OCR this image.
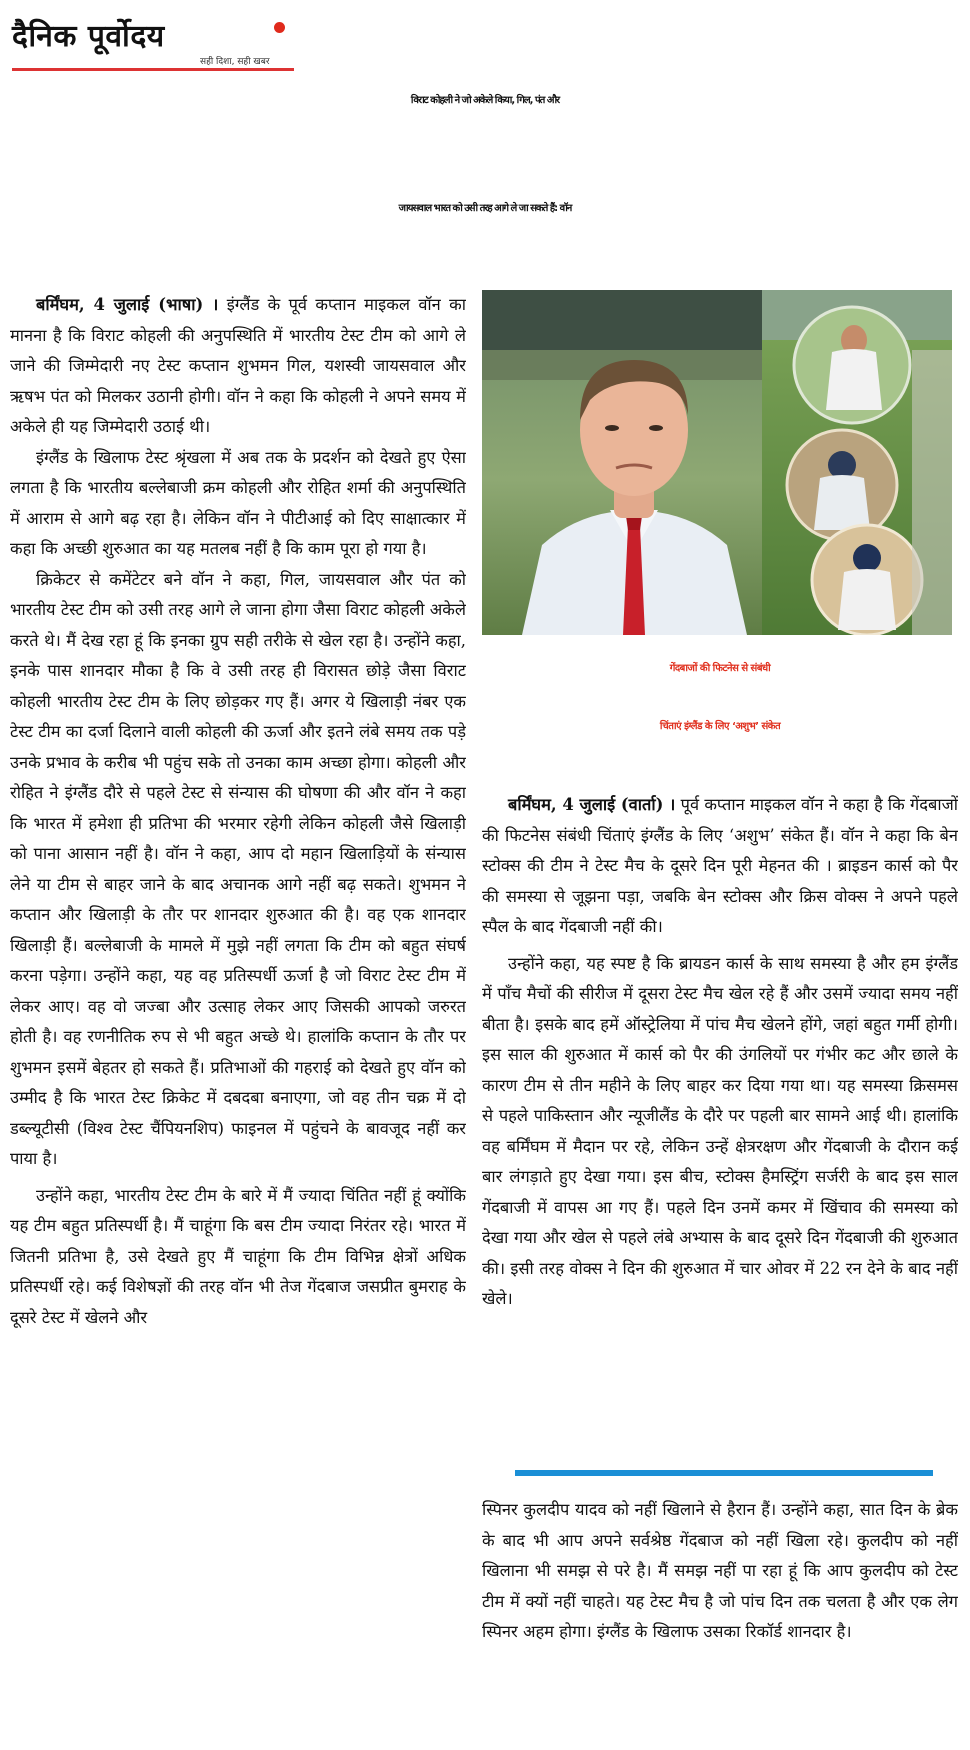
दैनिक पूर्वोदय
सही दिशा, सही खबर
विराट कोहली ने जो अकेले किया, गिल, पंत और
जायसवाल भारत को उसी तरह आगे ले जा सकते हैं: वॉन

बर्मिंघम, 4 जुलाई (भाषा) । इंग्लैंड के पूर्व कप्तान माइकल वॉन का मानना है कि विराट कोहली की अनुपस्थिति में भारतीय टेस्ट टीम को आगे ले जाने की जिम्मेदारी नए टेस्ट कप्तान शुभमन गिल, यशस्वी जायसवाल और ऋषभ पंत को मिलकर उठानी होगी। वॉन ने कहा कि कोहली ने अपने समय में अकेले ही यह जिम्मेदारी उठाई थी।

इंग्लैंड के खिलाफ टेस्ट श्रृंखला में अब तक के प्रदर्शन को देखते हुए ऐसा लगता है कि भारतीय बल्लेबाजी क्रम कोहली और रोहित शर्मा की अनुपस्थिति में आराम से आगे बढ़ रहा है। लेकिन वॉन ने पीटीआई को दिए साक्षात्कार में कहा कि अच्छी शुरुआत का यह मतलब नहीं है कि काम पूरा हो गया है।

क्रिकेटर से कमेंटेटर बने वॉन ने कहा, गिल, जायसवाल और पंत को भारतीय टेस्ट टीम को उसी तरह आगे ले जाना होगा जैसा विराट कोहली अकेले करते थे। मैं देख रहा हूं कि इनका ग्रुप सही तरीके से खेल रहा है। उन्होंने कहा, इनके पास शानदार मौका है कि वे उसी तरह ही विरासत छोड़े जैसा विराट कोहली भारतीय टेस्ट टीम के लिए छोड़कर गए हैं। अगर ये खिलाड़ी नंबर एक टेस्ट टीम का दर्जा दिलाने वाली कोहली की ऊर्जा और इतने लंबे समय तक पड़े उनके प्रभाव के करीब भी पहुंच सके तो उनका काम अच्छा होगा। कोहली और रोहित ने इंग्लैंड दौरे से पहले टेस्ट से संन्यास की घोषणा की और वॉन ने कहा कि भारत में हमेशा ही प्रतिभा की भरमार रहेगी लेकिन कोहली जैसे खिलाड़ी को पाना आसान नहीं है। वॉन ने कहा, आप दो महान खिलाड़ियों के संन्यास लेने या टीम से बाहर जाने के बाद अचानक आगे नहीं बढ़ सकते। शुभमन ने कप्तान और खिलाड़ी के तौर पर शानदार शुरुआत की है। वह एक शानदार खिलाड़ी हैं। बल्लेबाजी के मामले में मुझे नहीं लगता कि टीम को बहुत संघर्ष करना पड़ेगा। उन्होंने कहा, यह वह प्रतिस्पर्धी ऊर्जा है जो विराट टेस्ट टीम में लेकर आए। वह वो जज्बा और उत्साह लेकर आए जिसकी आपको जरुरत होती है। वह रणनीतिक रुप से भी बहुत अच्छे थे। हालांकि कप्तान के तौर पर शुभमन इसमें बेहतर हो सकते हैं। प्रतिभाओं की गहराई को देखते हुए वॉन को उम्मीद है कि भारत टेस्ट क्रिकेट में दबदबा बनाएगा, जो वह तीन चक्र में दो डब्ल्यूटीसी (विश्व टेस्ट चैंपियनशिप) फाइनल में पहुंचने के बावजूद नहीं कर पाया है।

उन्होंने कहा, भारतीय टेस्ट टीम के बारे में मैं ज्यादा चिंतित नहीं हूं क्योंकि यह टीम बहुत प्रतिस्पर्धी है। मैं चाहूंगा कि बस टीम ज्यादा निरंतर रहे। भारत में जितनी प्रतिभा है, उसे देखते हुए मैं चाहूंगा कि टीम विभिन्न क्षेत्रों अधिक प्रतिस्पर्धी रहे। कई विशेषज्ञों की तरह वॉन भी तेज गेंदबाज जसप्रीत बुमराह के दूसरे टेस्ट में खेलने और

गेंदबाजों की फिटनेस से संबंधी
चिंताएं इंग्लैंड के लिए ‘अशुभ’ संकेत

बर्मिंघम, 4 जुलाई (वार्ता) । पूर्व कप्तान माइकल वॉन ने कहा है कि गेंदबाजों की फिटनेस संबंधी चिंताएं इंग्लैंड के लिए ‘अशुभ’ संकेत हैं। वॉन ने कहा कि बेन स्टोक्स की टीम ने टेस्ट मैच के दूसरे दिन पूरी मेहनत की । ब्राइडन कार्स को पैर की समस्या से जूझना पड़ा, जबकि बेन स्टोक्स और क्रिस वोक्स ने अपने पहले स्पैल के बाद गेंदबाजी नहीं की।

उन्होंने कहा, यह स्पष्ट है कि ब्रायडन कार्स के साथ समस्या है और हम इंग्लैंड में पाँच मैचों की सीरीज में दूसरा टेस्ट मैच खेल रहे हैं और उसमें ज्यादा समय नहीं बीता है। इसके बाद हमें ऑस्ट्रेलिया में पांच मैच खेलने होंगे, जहां बहुत गर्मी होगी। इस साल की शुरुआत में कार्स को पैर की उंगलियों पर गंभीर कट और छाले के कारण टीम से तीन महीने के लिए बाहर कर दिया गया था। यह समस्या क्रिसमस से पहले पाकिस्तान और न्यूजीलैंड के दौरे पर पहली बार सामने आई थी। हालांकि वह बर्मिंघम में मैदान पर रहे, लेकिन उन्हें क्षेत्ररक्षण और गेंदबाजी के दौरान कई बार लंगड़ाते हुए देखा गया। इस बीच, स्टोक्स हैमस्ट्रिंग सर्जरी के बाद इस साल गेंदबाजी में वापस आ गए हैं। पहले दिन उनमें कमर में खिंचाव की समस्या को देखा गया और खेल से पहले लंबे अभ्यास के बाद दूसरे दिन गेंदबाजी की शुरुआत की। इसी तरह वोक्स ने दिन की शुरुआत में चार ओवर में 22 रन देने के बाद नहीं खेले।

स्पिनर कुलदीप यादव को नहीं खिलाने से हैरान हैं। उन्होंने कहा, सात दिन के ब्रेक के बाद भी आप अपने सर्वश्रेष्ठ गेंदबाज को नहीं खिला रहे। कुलदीप को नहीं खिलाना भी समझ से परे है। मैं समझ नहीं पा रहा हूं कि आप कुलदीप को टेस्ट टीम में क्यों नहीं चाहते। यह टेस्ट मैच है जो पांच दिन तक चलता है और एक लेग स्पिनर अहम होगा। इंग्लैंड के खिलाफ उसका रिकॉर्ड शानदार है।
